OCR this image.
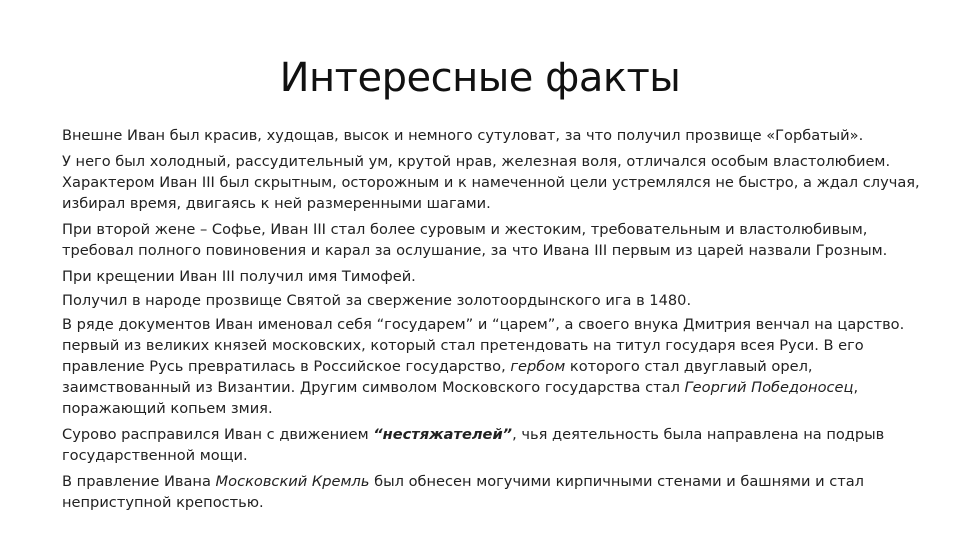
Интересные факты

Внешне Иван был красив, худощав, высок и немного сутуловат, за что получил прозвище «Горбатый».

У него был холодный, рассудительный ум, крутой нрав, железная воля, отличался особым властолюбием. Характером Иван III был скрытным, осторожным и к намеченной цели устремлялся не быстро, а ждал случая, избирал время, двигаясь к ней размеренными шагами.

При второй жене – Софье, Иван III стал более суровым и жестоким, требовательным и властолюбивым, требовал полного повиновения и карал за ослушание, за что Ивана III первым из царей назвали Грозным.

При крещении Иван III получил имя Тимофей.

Получил в народе прозвище Святой за свержение золотоордынского ига в 1480.

В ряде документов Иван именовал себя “государем” и “царем”, а своего внука Дмитрия венчал на царство. первый из великих князей московских, который стал претендовать на титул государя всея Руси. В его правление Русь превратилась в Российское государство, гербом которого стал двуглавый орел, заимствованный из Византии. Другим символом Московского государства стал Георгий Победоносец, поражающий копьем змия.

Сурово расправился Иван с движением “нестяжателей”, чья деятельность была направлена на подрыв государственной мощи.

В правление Ивана Московский Кремль был обнесен могучими кирпичными стенами и башнями и стал неприступной крепостью.
